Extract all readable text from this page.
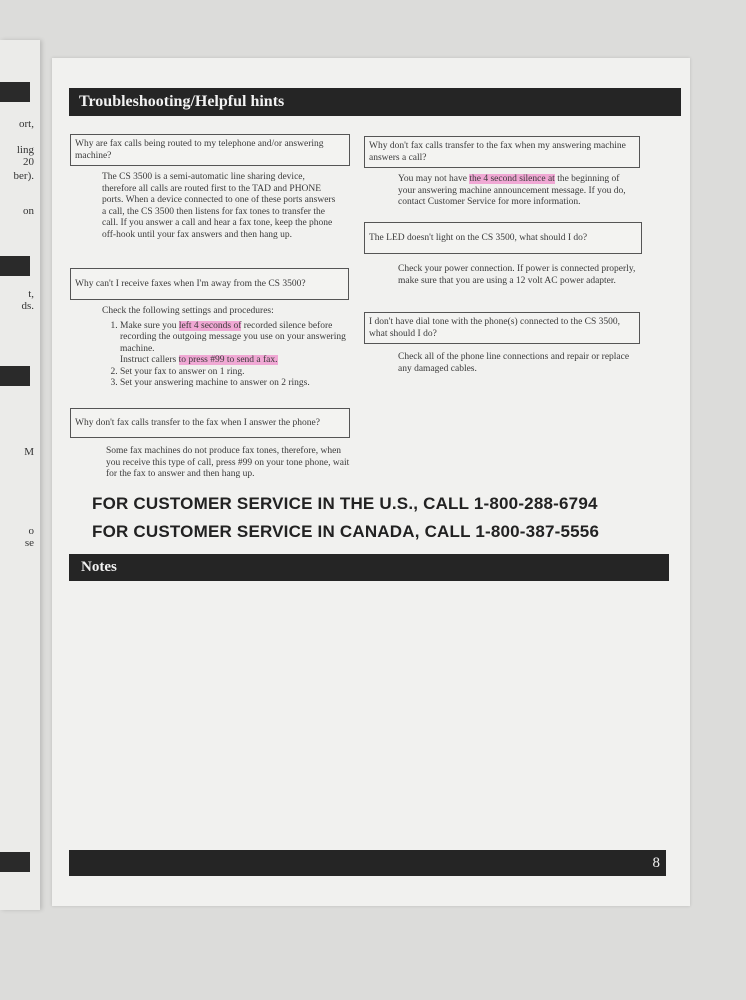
ort,
ling
20
ber).
on
t,
ds.
M
o
se
Troubleshooting/Helpful hints
Why are fax calls being routed to my telephone and/or answering machine?
The CS 3500 is a semi-automatic line sharing device, therefore all calls are routed first to the TAD and PHONE ports. When a device connected to one of these ports answers a call, the CS 3500 then listens for fax tones to transfer the call. If you answer a call and hear a fax tone, keep the phone off-hook until your fax answers and then hang up.
Why can't I receive faxes when I'm away from the CS 3500?
Check the following settings and procedures:
1. Make sure you left 4 seconds of recorded silence before recording the outgoing message you use on your answering machine.
Instruct callers to press #99 to send a fax.
2. Set your fax to answer on 1 ring.
3. Set your answering machine to answer on 2 rings.
Why don't fax calls transfer to the fax when I answer the phone?
Some fax machines do not produce fax tones, therefore, when you receive this type of call, press #99 on your tone phone, wait for the fax to answer and then hang up.
Why don't fax calls transfer to the fax when my answering machine answers a call?
You may not have the 4 second silence at the beginning of your answering machine announcement message. If you do, contact Customer Service for more information.
The LED doesn't light on the CS 3500, what should I do?
Check your power connection. If power is connected properly, make sure that you are using a 12 volt AC power adapter.
I don't have dial tone with the phone(s) connected to the CS 3500, what should I do?
Check all of the phone line connections and repair or replace any damaged cables.
FOR CUSTOMER SERVICE IN THE U.S., CALL 1-800-288-6794
FOR CUSTOMER SERVICE IN CANADA, CALL 1-800-387-5556
Notes
8
